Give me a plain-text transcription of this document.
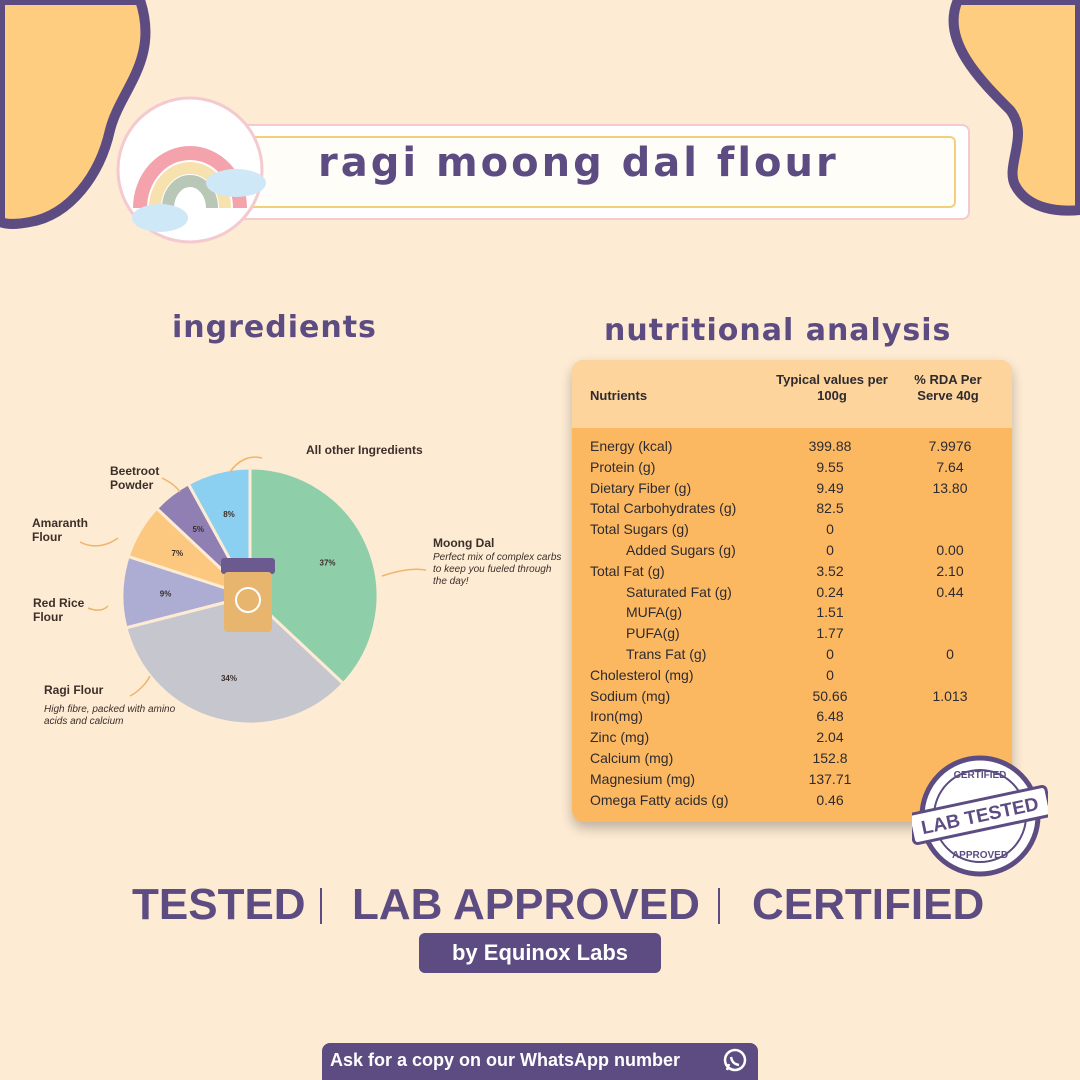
ragi moong dal flour
ingredients	nutritional analysis
37%
34%
9%
7%
5%
8%
All other Ingredients
Beetroot Powder
Amaranth Flour
Red Rice Flour
Ragi Flour
High fibre, packed with amino acids and calcium
Moong Dal
Perfect mix of complex carbs to keep you fueled through the day!
Nutrients
Typical values per 100g
% RDA Per Serve 40g
Energy (kcal)	399.88	7.9976
Protein (g)	9.55	7.64
Dietary Fiber (g)	9.49	13.80
Total Carbohydrates (g)	82.5
Total Sugars (g)	0
Added Sugars (g)	0	0.00
Total Fat (g)	3.52	2.10
Saturated Fat (g)	0.24	0.44
MUFA(g)	1.51
PUFA(g)	1.77
Trans Fat (g)	0	0
Cholesterol (mg)	0
Sodium (mg)	50.66	1.013
Iron(mg)	6.48
Zinc (mg)	2.04
Calcium (mg)	152.8
Magnesium (mg)	137.71
Omega Fatty acids (g)	0.46
CERTIFIED
LAB TESTED
APPROVED
TESTED LAB APPROVED CERTIFIED
by Equinox Labs
Ask for a copy on our WhatsApp number
